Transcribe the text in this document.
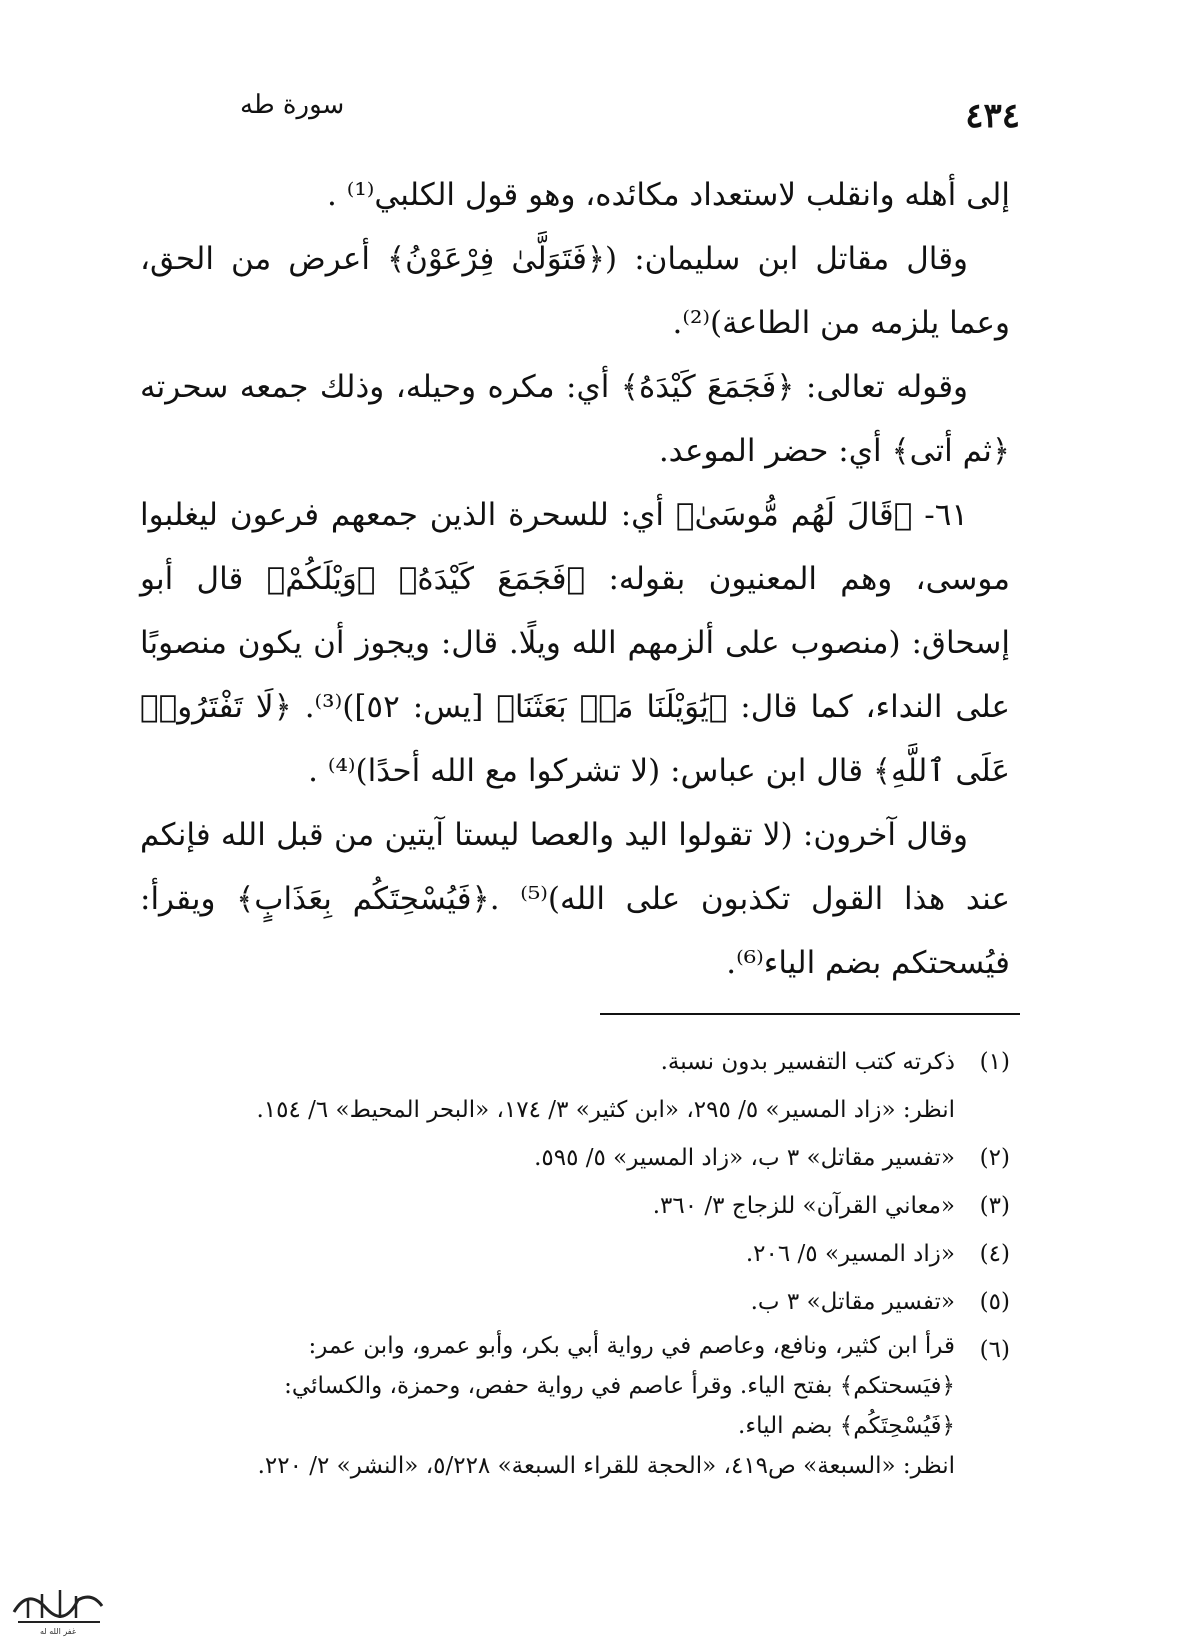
سورة طه	٤٣٤

إلى أهله وانقلب لاستعداد مكائده، وهو قول الكلبي⁽¹⁾ .

وقال مقاتل ابن سليمان: (﴿فَتَوَلَّىٰ فِرْعَوْنُ﴾ أعرض من الحق، وعما يلزمه من الطاعة)⁽²⁾.

وقوله تعالى: ﴿فَجَمَعَ كَيْدَهُ﴾ أي: مكره وحيله، وذلك جمعه سحرته ﴿ثم أتى﴾ أي: حضر الموعد.

٦١- ﴿قَالَ لَهُم مُّوسَىٰ﴾ أي: للسحرة الذين جمعهم فرعون ليغلبوا موسى، وهم المعنيون بقوله: ﴿فَجَمَعَ كَيْدَهُ﴾ ﴿وَيْلَكُمْ﴾ قال أبو إسحاق: (منصوب على ألزمهم الله ويلًا. قال: ويجوز أن يكون منصوبًا على النداء، كما قال: ﴿يَٰوَيْلَنَا مَنۢ بَعَثَنَا﴾ [يس: ٥٢])⁽³⁾. ﴿لَا تَفْتَرُوا۟ عَلَى ٱللَّهِ﴾ قال ابن عباس: (لا تشركوا مع الله أحدًا)⁽⁴⁾ .

وقال آخرون: (لا تقولوا اليد والعصا ليستا آيتين من قبل الله فإنكم عند هذا القول تكذبون على الله)⁽⁵⁾ .﴿فَيُسْحِتَكُم بِعَذَابٍ﴾ ويقرأ: فيُسحتكم بضم الياء⁽⁶⁾.

(١)
ذكرته كتب التفسير بدون نسبة.
انظر: «زاد المسير» ٥/ ٢٩٥، «ابن كثير» ٣/ ١٧٤، «البحر المحيط» ٦/ ١٥٤.
(٢)
«تفسير مقاتل» ٣ ب، «زاد المسير» ٥/ ٥٩٥.
(٣)
«معاني القرآن» للزجاج ٣/ ٣٦٠.
(٤)
«زاد المسير» ٥/ ٢٠٦.
(٥)
«تفسير مقاتل» ٣ ب.
(٦)
قرأ ابن كثير، ونافع، وعاصم في رواية أبي بكر، وأبو عمرو، وابن عمر:
﴿فيَسحتكم﴾ بفتح الياء. وقرأ عاصم في رواية حفص، وحمزة، والكسائي:
﴿فَيُسْحِتَكُم﴾ بضم الياء.
انظر: «السبعة» ص٤١٩، «الحجة للقراء السبعة» ٥/٢٢٨، «النشر» ٢/ ٢٢٠.
غفر الله له
